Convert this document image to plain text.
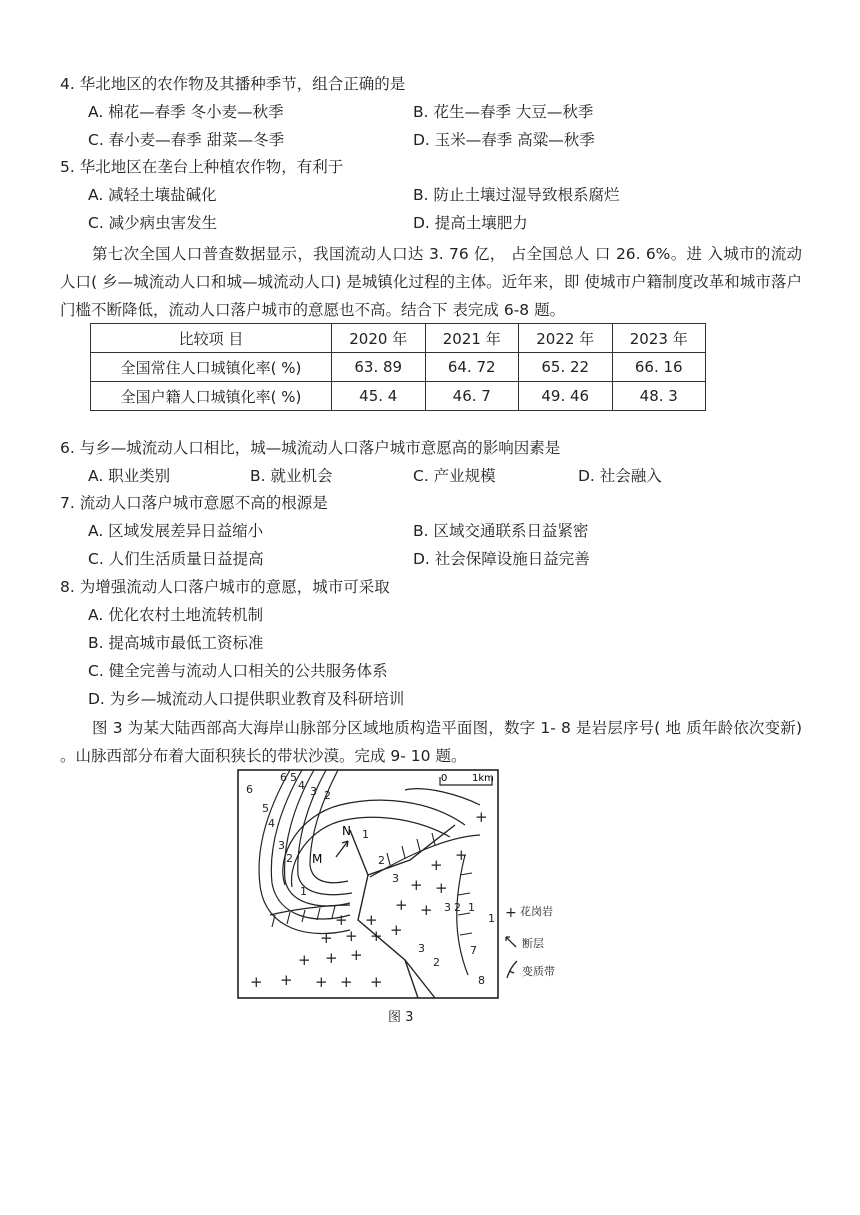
4. 华北地区的农作物及其播种季节，组合正确的是
A. 棉花—春季 冬小麦—秋季	B. 花生—春季 大豆—秋季
C. 春小麦—春季 甜菜—冬季	D. 玉米—春季 高粱—秋季
5. 华北地区在垄台上种植农作物，有利于
A. 减轻土壤盐碱化	B. 防止土壤过湿导致根系腐烂
C. 减少病虫害发生	D. 提高土壤肥力
第七次全国人口普查数据显示，我国流动人口达 3. 76 亿， 占全国总人 口 26. 6%。进 入城市的流动人口( 乡—城流动人口和城—城流动人口) 是城镇化过程的主体。近年来，即 使城市户籍制度改革和城市落户门槛不断降低，流动人口落户城市的意愿也不高。结合下 表完成 6-8 题。
比较项 目	2020 年	2021 年	2022 年	2023 年
全国常住人口城镇化率( %)	63. 89	64. 72	65. 22	66. 16
全国户籍人口城镇化率( %)	45. 4	46. 7	49. 46	48. 3
6. 与乡—城流动人口相比，城—城流动人口落户城市意愿高的影响因素是
A. 职业类别	B. 就业机会	C. 产业规模	D. 社会融入
7. 流动人口落户城市意愿不高的根源是
A. 区域发展差异日益缩小	B. 区域交通联系日益紧密
C. 人们生活质量日益提高	D. 社会保障设施日益完善
8. 为增强流动人口落户城市的意愿，城市可采取
A. 优化农村土地流转机制
B. 提高城市最低工资标准
C. 健全完善与流动人口相关的公共服务体系
D. 为乡—城流动人口提供职业教育及科研培训
图 3 为某大陆西部高大海岸山脉部分区域地质构造平面图，数字 1- 8 是岩层序号( 地 质年龄依次变新) 。山脉西部分布着大面积狭长的带状沙漠。完成 9- 10 题。
0 1km
+ + + + +
+ + +
+ + +
+ +
+
+ +
+ +
+
+
+
6
6 5
4 3 2
5
4
3
2
1
1
2
3
1
3 2 1
3
2
7
8
N
M
+ 花岗岩
断层
变质带
图 3
